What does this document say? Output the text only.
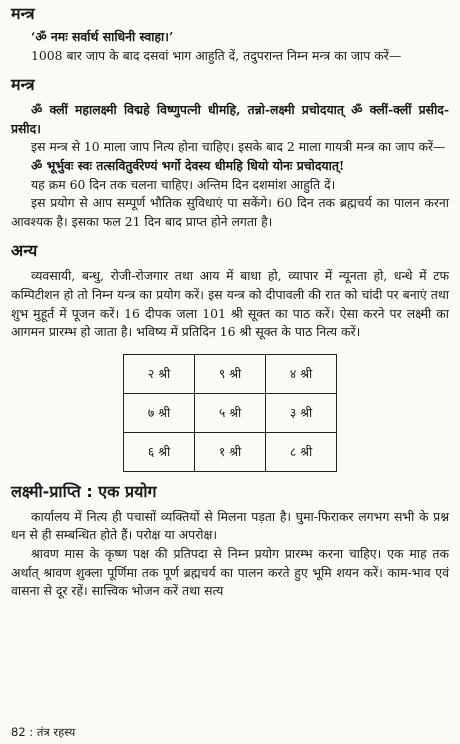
मन्त्र

‘ॐ नमः सर्वार्थ साधिनी स्वाहा।’

1008 बार जाप के बाद दसवां भाग आहुति दें, तदुपरान्त निम्न मन्त्र का जाप करें—

मन्त्र

ॐ क्लीं महालक्ष्मी विद्महे विष्णुपत्नी धीमहि, तन्नो-लक्ष्मी प्रचोदयात् ॐ क्लीं-क्लीं प्रसीद-प्रसीद।

इस मन्त्र से 10 माला जाप नित्य होना चाहिए। इसके बाद 2 माला गायत्री मन्त्र का जाप करें—

ॐ भूर्भुवः स्वः तत्सवितुर्वरेण्यं भर्गो देवस्य धीमहि धियो योनः प्रचोदयात्!

यह क्रम 60 दिन तक चलना चाहिए। अन्तिम दिन दशमांश आहुति दें।

इस प्रयोग से आप सम्पूर्ण भौतिक सुविधाएं पा सकेंगे। 60 दिन तक ब्रह्मचर्य का पालन करना आवश्यक है। इसका फल 21 दिन बाद प्राप्त होने लगता है।

अन्य

व्यवसायी, बन्धु, रोजी-रोजगार तथा आय में बाधा हो, व्यापार में न्यूनता हो, धन्धे में टफ कम्पिटीशन हो तो निम्न यन्त्र का प्रयोग करें। इस यन्त्र को दीपावली की रात को चांदी पर बनाएं तथा शुभ मुहूर्त में पूजन करें। 16 दीपक जला 101 श्री सूक्त का पाठ करें। ऐसा करने पर लक्ष्मी का आगमन प्रारम्भ हो जाता है। भविष्य में प्रतिदिन 16 श्री सूक्त के पाठ नित्य करें।

२ श्री	९ श्री	४ श्री
७ श्री	५ श्री	३ श्री
६ श्री	१ श्री	८ श्री
लक्ष्मी-प्राप्ति : एक प्रयोग

कार्यालय में नित्य ही पचासों व्यक्तियों से मिलना पड़ता है। घुमा-फिराकर लगभग सभी के प्रश्न धन से ही सम्बन्धित होते हैं। परोक्ष या अपरोक्ष।

श्रावण मास के कृष्ण पक्ष की प्रतिपदा से निम्न प्रयोग प्रारम्भ करना चाहिए। एक माह तक अर्थात् श्रावण शुक्ला पूर्णिमा तक पूर्ण ब्रह्मचर्य का पालन करते हुए भूमि शयन करें। काम-भाव एवं वासना से दूर रहें। सात्त्विक भोजन करें तथा सत्य

82 : तंत्र रहस्य
